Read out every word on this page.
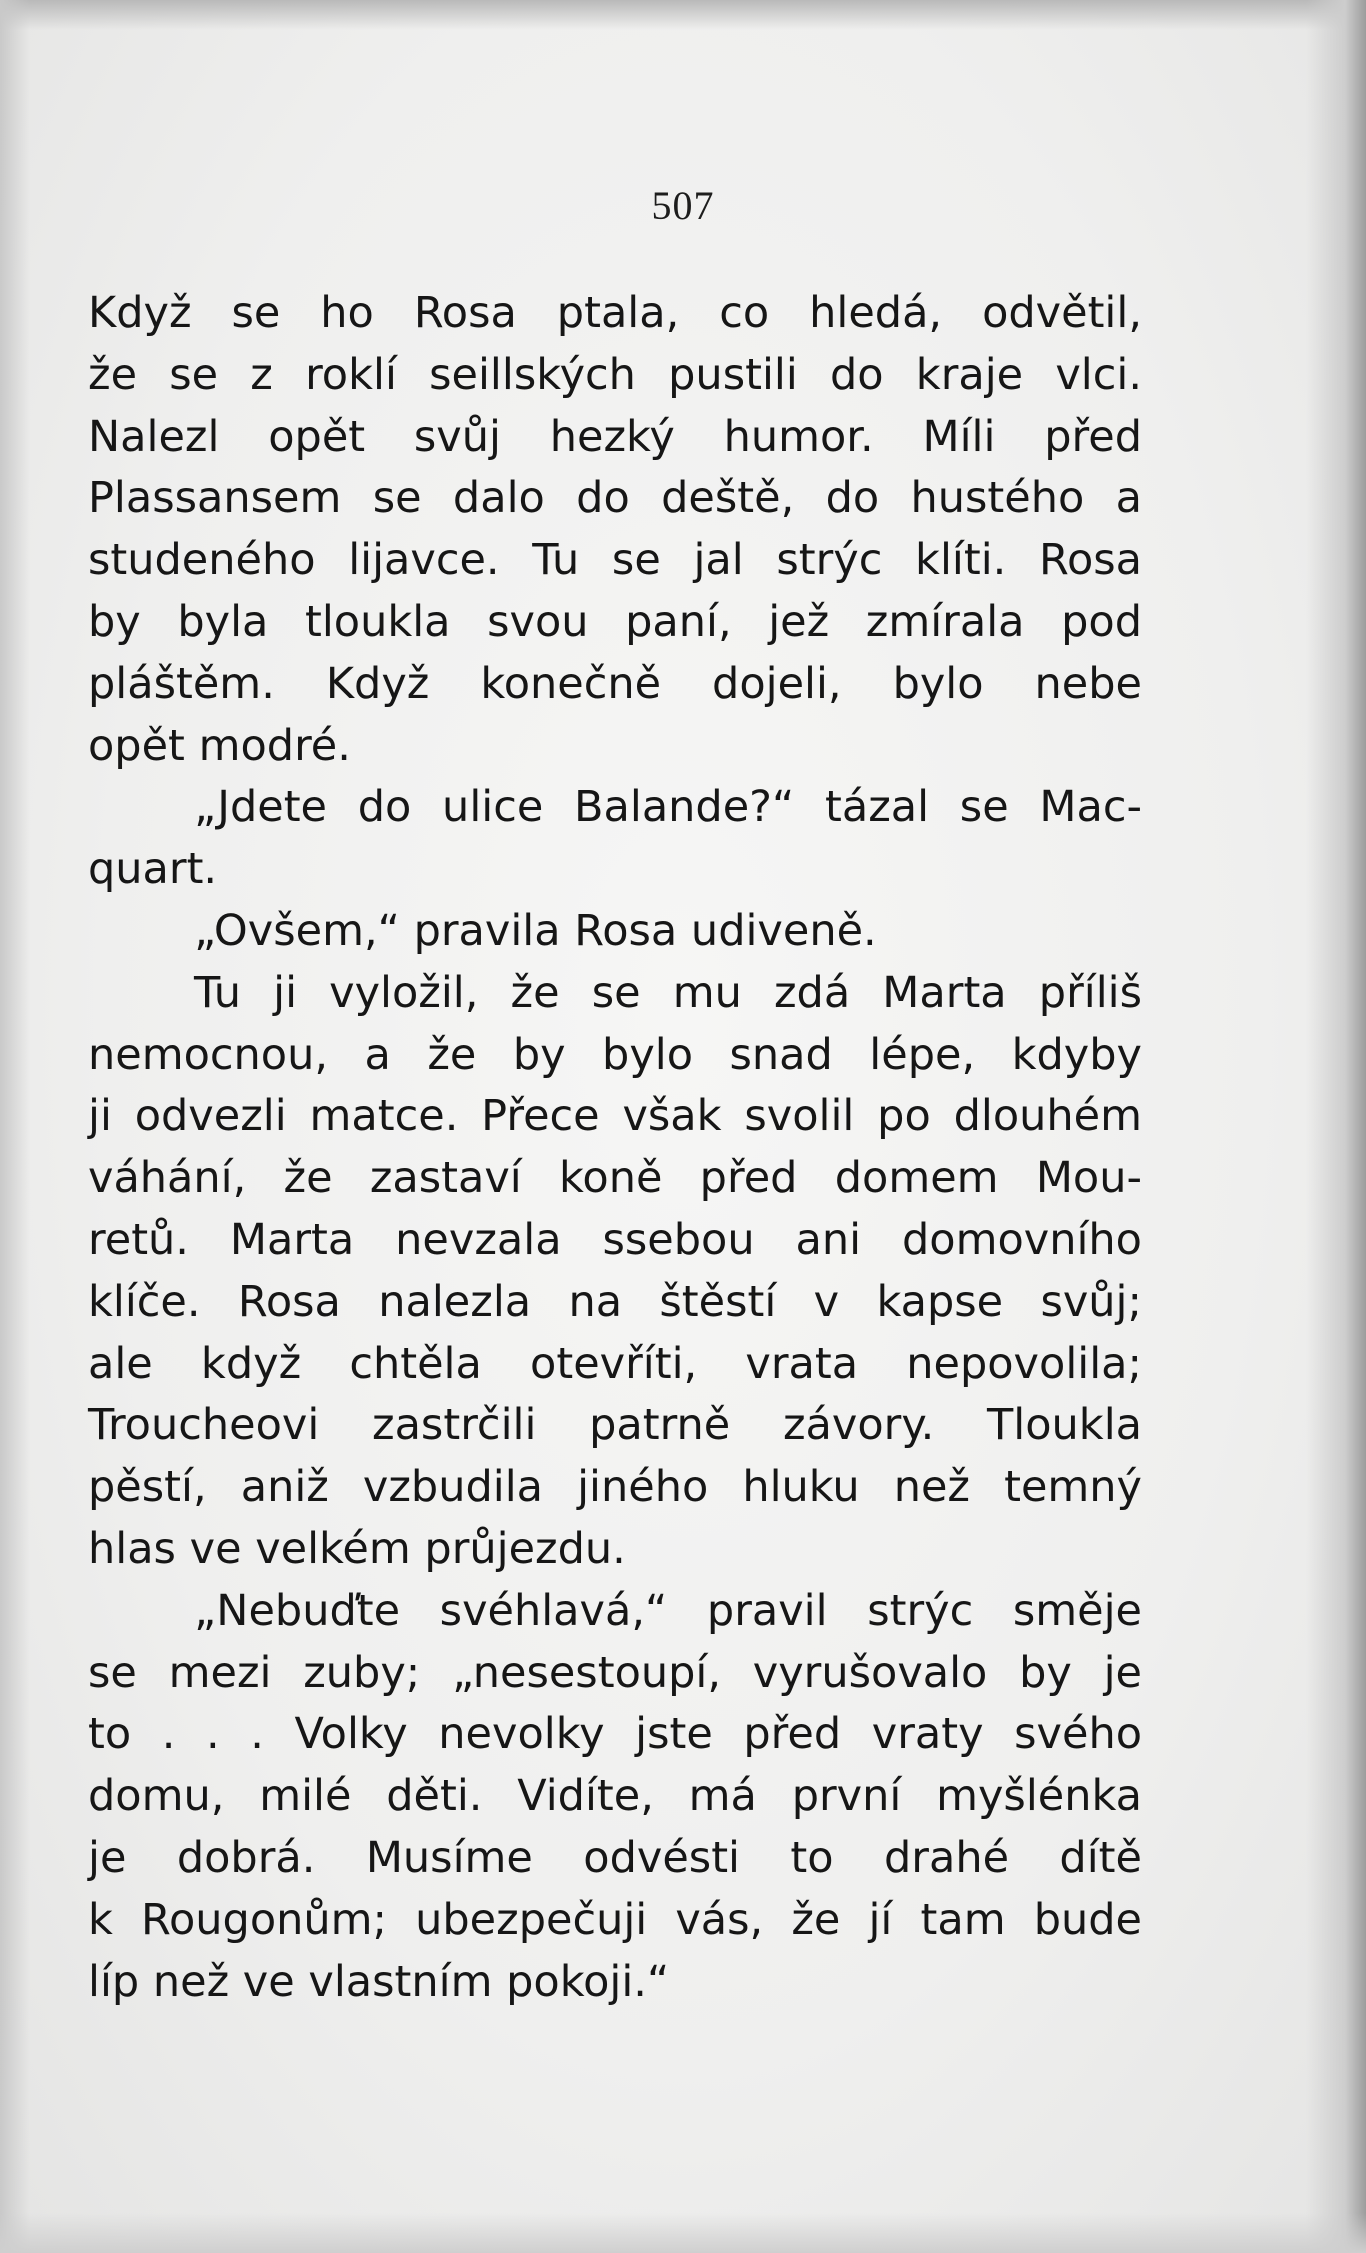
507
Když se ho Rosa ptala, co hledá, odvětil,
že se z roklí seillských pustili do kraje vlci.
Nalezl opět svůj hezký humor. Míli před
Plassansem se dalo do deště, do hustého a
studeného lijavce. Tu se jal strýc klíti. Rosa
by byla tloukla svou paní, jež zmírala pod
pláštěm. Když konečně dojeli, bylo nebe
opět modré.
„Jdete do ulice Balande?“ tázal se Mac-
quart.
„Ovšem,“ pravila Rosa udiveně.
Tu ji vyložil, že se mu zdá Marta příliš
nemocnou, a že by bylo snad lépe, kdyby
ji odvezli matce. Přece však svolil po dlouhém
váhání, že zastaví koně před domem Mou-
retů. Marta nevzala ssebou ani domovního
klíče. Rosa nalezla na štěstí v kapse svůj;
ale když chtěla otevříti, vrata nepovolila;
Troucheovi zastrčili patrně závory. Tloukla
pěstí, aniž vzbudila jiného hluku než temný
hlas ve velkém průjezdu.
„Nebuďte svéhlavá,“ pravil strýc směje
se mezi zuby; „nesestoupí, vyrušovalo by je
to . . . Volky nevolky jste před vraty svého
domu, milé děti. Vidíte, má první myšlénka
je dobrá. Musíme odvésti to drahé dítě
k Rougonům; ubezpečuji vás, že jí tam bude
líp než ve vlastním pokoji.“
